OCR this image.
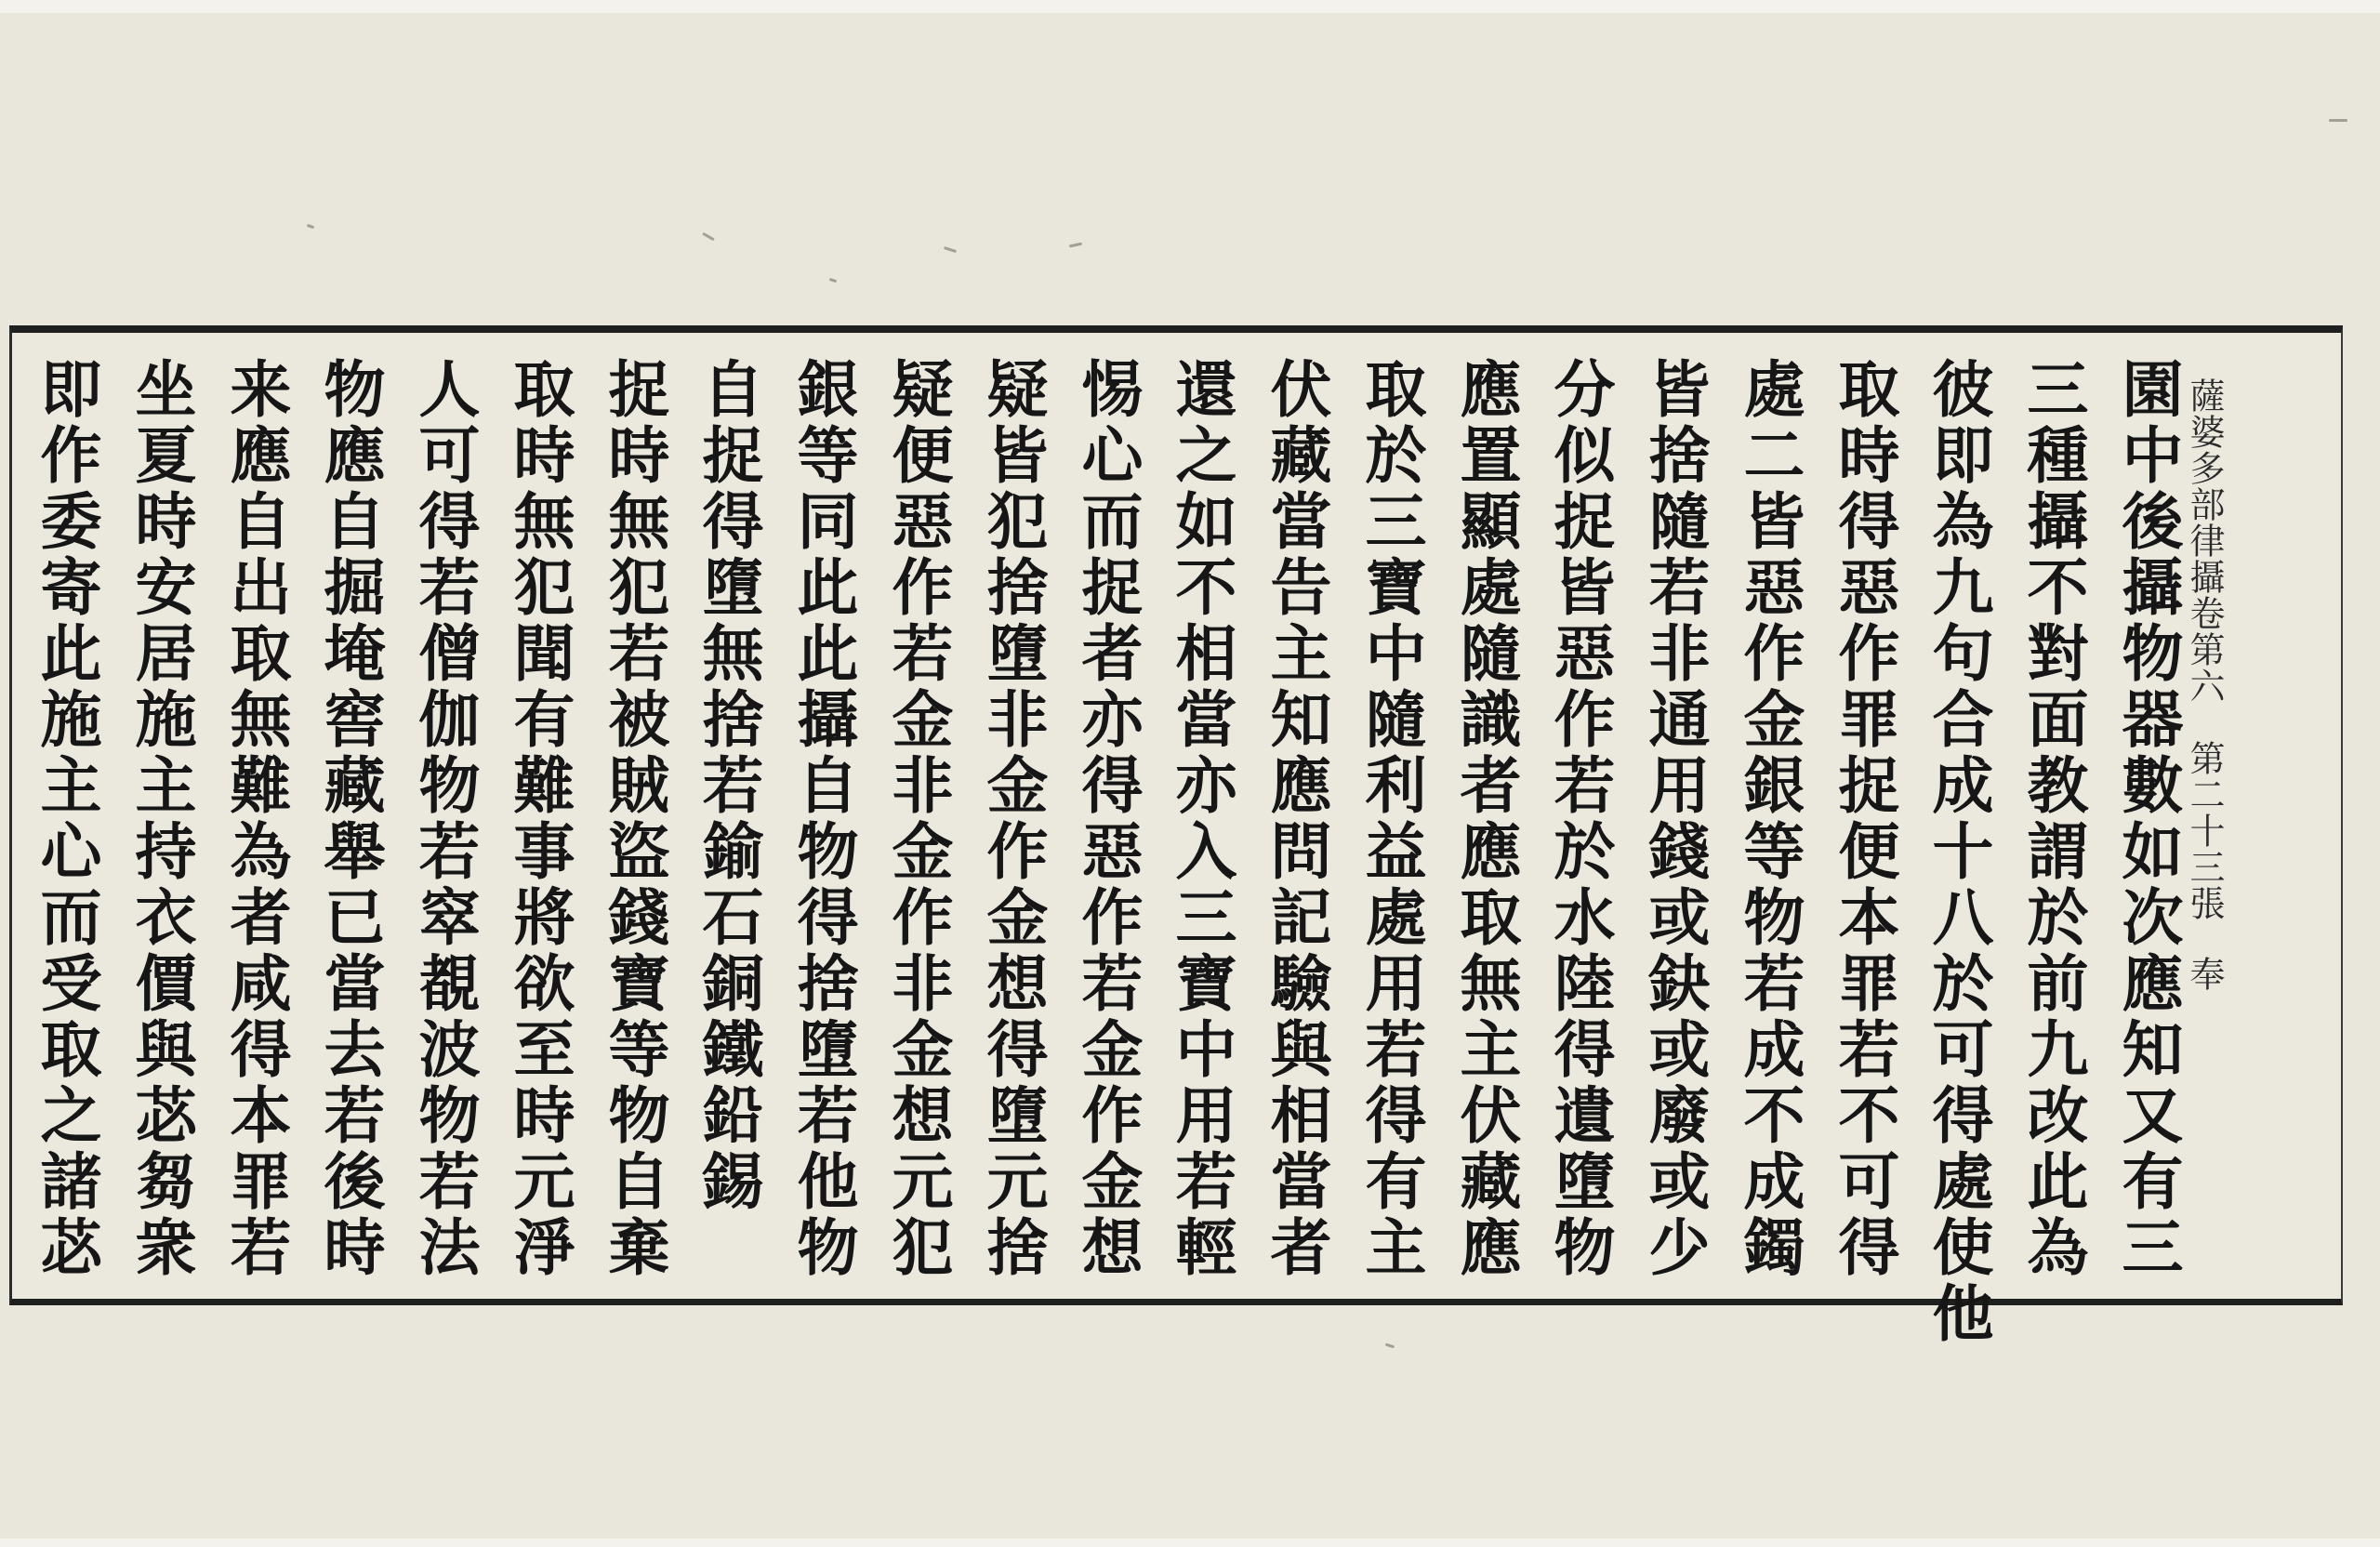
薩婆多部律攝卷第六 第二十三張 奉
園中後攝物器數如次應知又有三
三種攝不對面教謂於前九改此為
彼即為九句合成十八於可得處使他
取時得惡作罪捉便本罪若不可得
處二皆惡作金銀等物若成不成鐲
皆捨隨若非通用錢或鈌或廢或少
分似捉皆惡作若於水陸得遺墮物
應置顯處隨識者應取無主伏藏應
取於三寶中隨利益處用若得有主
伏藏當告主知應問記驗與相當者
還之如不相當亦入三寶中用若輕
惕心而捉者亦得惡作若金作金想
疑皆犯捨墮非金作金想得墮元捨
疑便惡作若金非金作非金想元犯
銀等同此此攝自物得捨墮若他物
自捉得墮無捨若鍮石銅鐵鉛錫
捉時無犯若被賊盜錢寶等物自棄
取時無犯聞有難事將欲至時元淨
人可得若僧伽物若窣覩波物若法
物應自掘埯窖藏舉已當去若後時
来應自出取無難為者咸得本罪若
坐夏時安居施主持衣價與苾芻衆
即作委寄此施主心而受取之諸苾
